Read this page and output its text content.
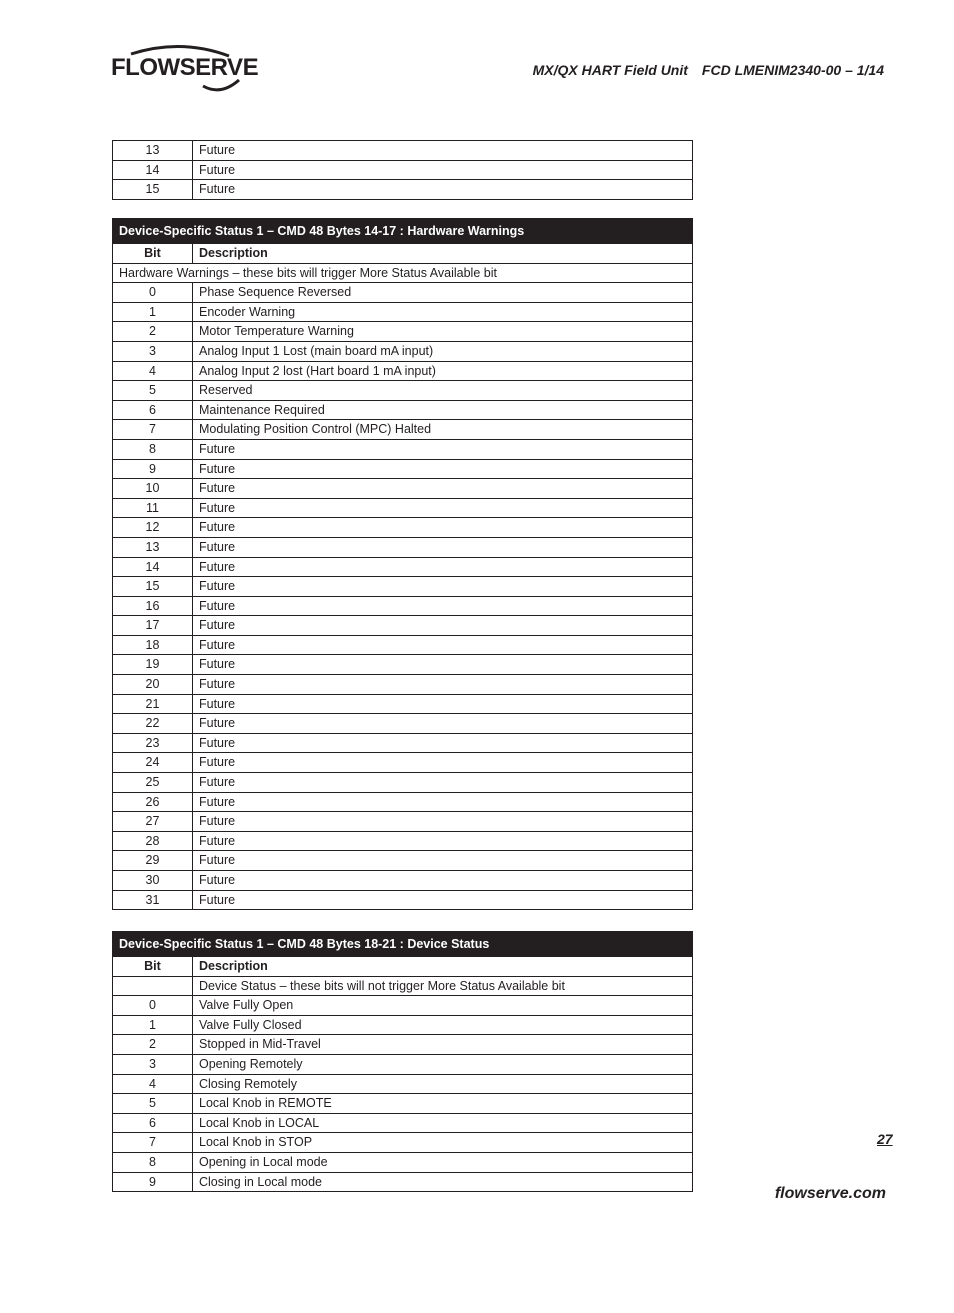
FLOWSERVE	MX/QX HART Field Unit FCD LMENIM2340-00 – 1/14
13	Future
14	Future
15	Future
Device-Specific Status 1 – CMD 48 Bytes 14-17 : Hardware Warnings	
Bit	Description
Hardware Warnings – these bits will trigger More Status Available bit	
0	Phase Sequence Reversed
1	Encoder Warning
2	Motor Temperature Warning
3	Analog Input 1 Lost (main board mA input)
4	Analog Input 2 lost (Hart board 1 mA input)
5	Reserved
6	Maintenance Required
7	Modulating Position Control (MPC) Halted
8	Future
9	Future
10	Future
11	Future
12	Future
13	Future
14	Future
15	Future
16	Future
17	Future
18	Future
19	Future
20	Future
21	Future
22	Future
23	Future
24	Future
25	Future
26	Future
27	Future
28	Future
29	Future
30	Future
31	Future
Device-Specific Status 1 – CMD 48 Bytes 18-21 : Device Status	
Bit	Description
	Device Status – these bits will not trigger More Status Available bit
0	Valve Fully Open
1	Valve Fully Closed
2	Stopped in Mid-Travel
3	Opening Remotely
4	Closing Remotely
5	Local Knob in REMOTE
6	Local Knob in LOCAL
7	Local Knob in STOP
8	Opening in Local mode
9	Closing in Local mode
27
flowserve.com
